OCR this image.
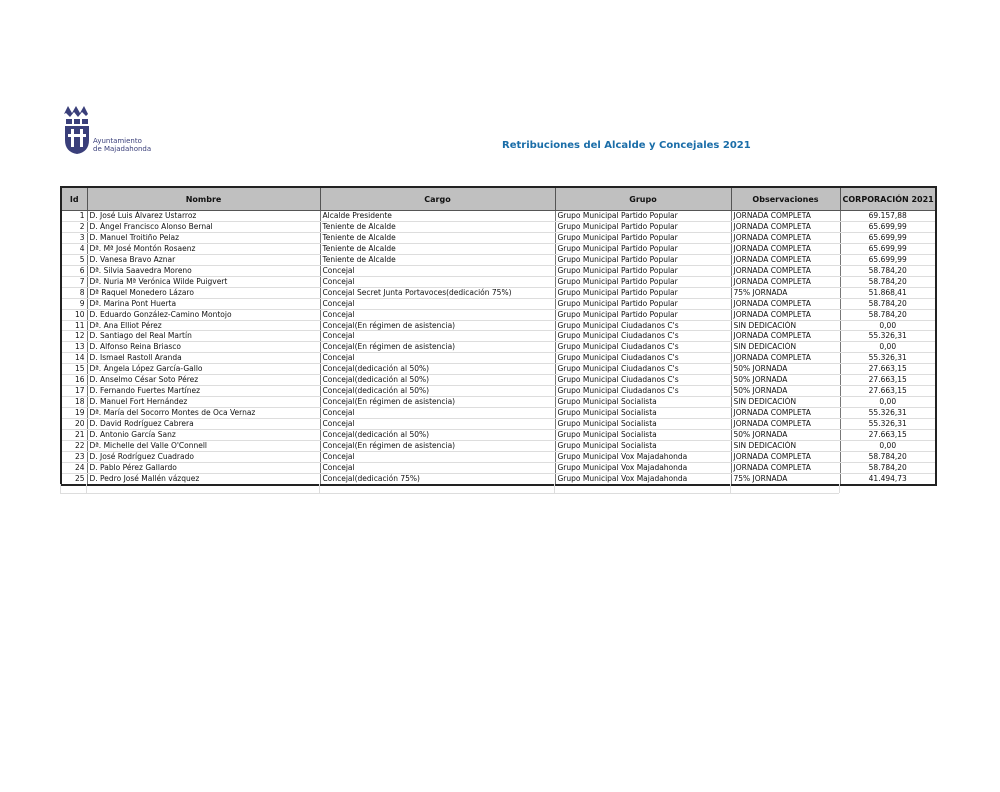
Ayuntamiento
de Majadahonda	Retribuciones del Alcalde y Concejales 2021
Id	Nombre	Cargo	Grupo	Observaciones	CORPORACIÓN 2021
1	D. José Luis Álvarez Ustarroz	Alcalde Presidente	Grupo Municipal Partido Popular	JORNADA COMPLETA	69.157,88
2	D. Ángel Francisco Alonso Bernal	Teniente de Alcalde	Grupo Municipal Partido Popular	JORNADA COMPLETA	65.699,99
3	D. Manuel Troitiño Pelaz	Teniente de Alcalde	Grupo Municipal Partido Popular	JORNADA COMPLETA	65.699,99
4	Dª. Mª José Montón Rosaenz	Teniente de Alcalde	Grupo Municipal Partido Popular	JORNADA COMPLETA	65.699,99
5	D. Vanesa Bravo Aznar	Teniente de Alcalde	Grupo Municipal Partido Popular	JORNADA COMPLETA	65.699,99
6	Dª. Silvia Saavedra Moreno	Concejal	Grupo Municipal Partido Popular	JORNADA COMPLETA	58.784,20
7	Dª. Nuria Mª Verónica Wilde Puigvert	Concejal	Grupo Municipal Partido Popular	JORNADA COMPLETA	58.784,20
8	Dª Raquel Monedero Lázaro	Concejal Secret Junta Portavoces(dedicación 75%)	Grupo Municipal Partido Popular	75% JORNADA	51.868,41
9	Dª. Marina Pont Huerta	Concejal	Grupo Municipal Partido Popular	JORNADA COMPLETA	58.784,20
10	D. Eduardo González-Camino Montojo	Concejal	Grupo Municipal Partido Popular	JORNADA COMPLETA	58.784,20
11	Dª. Ana Elliot Pérez	Concejal(En régimen de asistencia)	Grupo Municipal Ciudadanos C's	SIN DEDICACIÓN	0,00
12	D. Santiago del Real Martín	Concejal	Grupo Municipal Ciudadanos C's	JORNADA COMPLETA	55.326,31
13	D. Alfonso Reina Briasco	Concejal(En régimen de asistencia)	Grupo Municipal Ciudadanos C's	SIN DEDICACIÓN	0,00
14	D. Ismael Rastoll Aranda	Concejal	Grupo Municipal Ciudadanos C's	JORNADA COMPLETA	55.326,31
15	Dª. Ángela López García-Gallo	Concejal(dedicación al 50%)	Grupo Municipal Ciudadanos C's	50% JORNADA	27.663,15
16	D. Anselmo César Soto Pérez	Concejal(dedicación al 50%)	Grupo Municipal Ciudadanos C's	50% JORNADA	27.663,15
17	D. Fernando Fuertes Martínez	Concejal(dedicación al 50%)	Grupo Municipal Ciudadanos C's	50% JORNADA	27.663,15
18	D. Manuel Fort Hernández	Concejal(En régimen de asistencia)	Grupo Municipal Socialista	SIN DEDICACIÓN	0,00
19	Dª. María del Socorro Montes de Oca Vernaz	Concejal	Grupo Municipal Socialista	JORNADA COMPLETA	55.326,31
20	D. David Rodríguez Cabrera	Concejal	Grupo Municipal Socialista	JORNADA COMPLETA	55.326,31
21	D. Antonio García Sanz	Concejal(dedicación al 50%)	Grupo Municipal Socialista	50% JORNADA	27.663,15
22	Dª. Michelle del Valle O'Connell	Concejal(En régimen de asistencia)	Grupo Municipal Socialista	SIN DEDICACIÓN	0,00
23	D. José Rodríguez Cuadrado	Concejal	Grupo Municipal Vox Majadahonda	JORNADA COMPLETA	58.784,20
24	D. Pablo Pérez Gallardo	Concejal	Grupo Municipal Vox Majadahonda	JORNADA COMPLETA	58.784,20
25	D. Pedro José Mallén vázquez	Concejal(dedicación 75%)	Grupo Municipal Vox Majadahonda	75% JORNADA	41.494,73
